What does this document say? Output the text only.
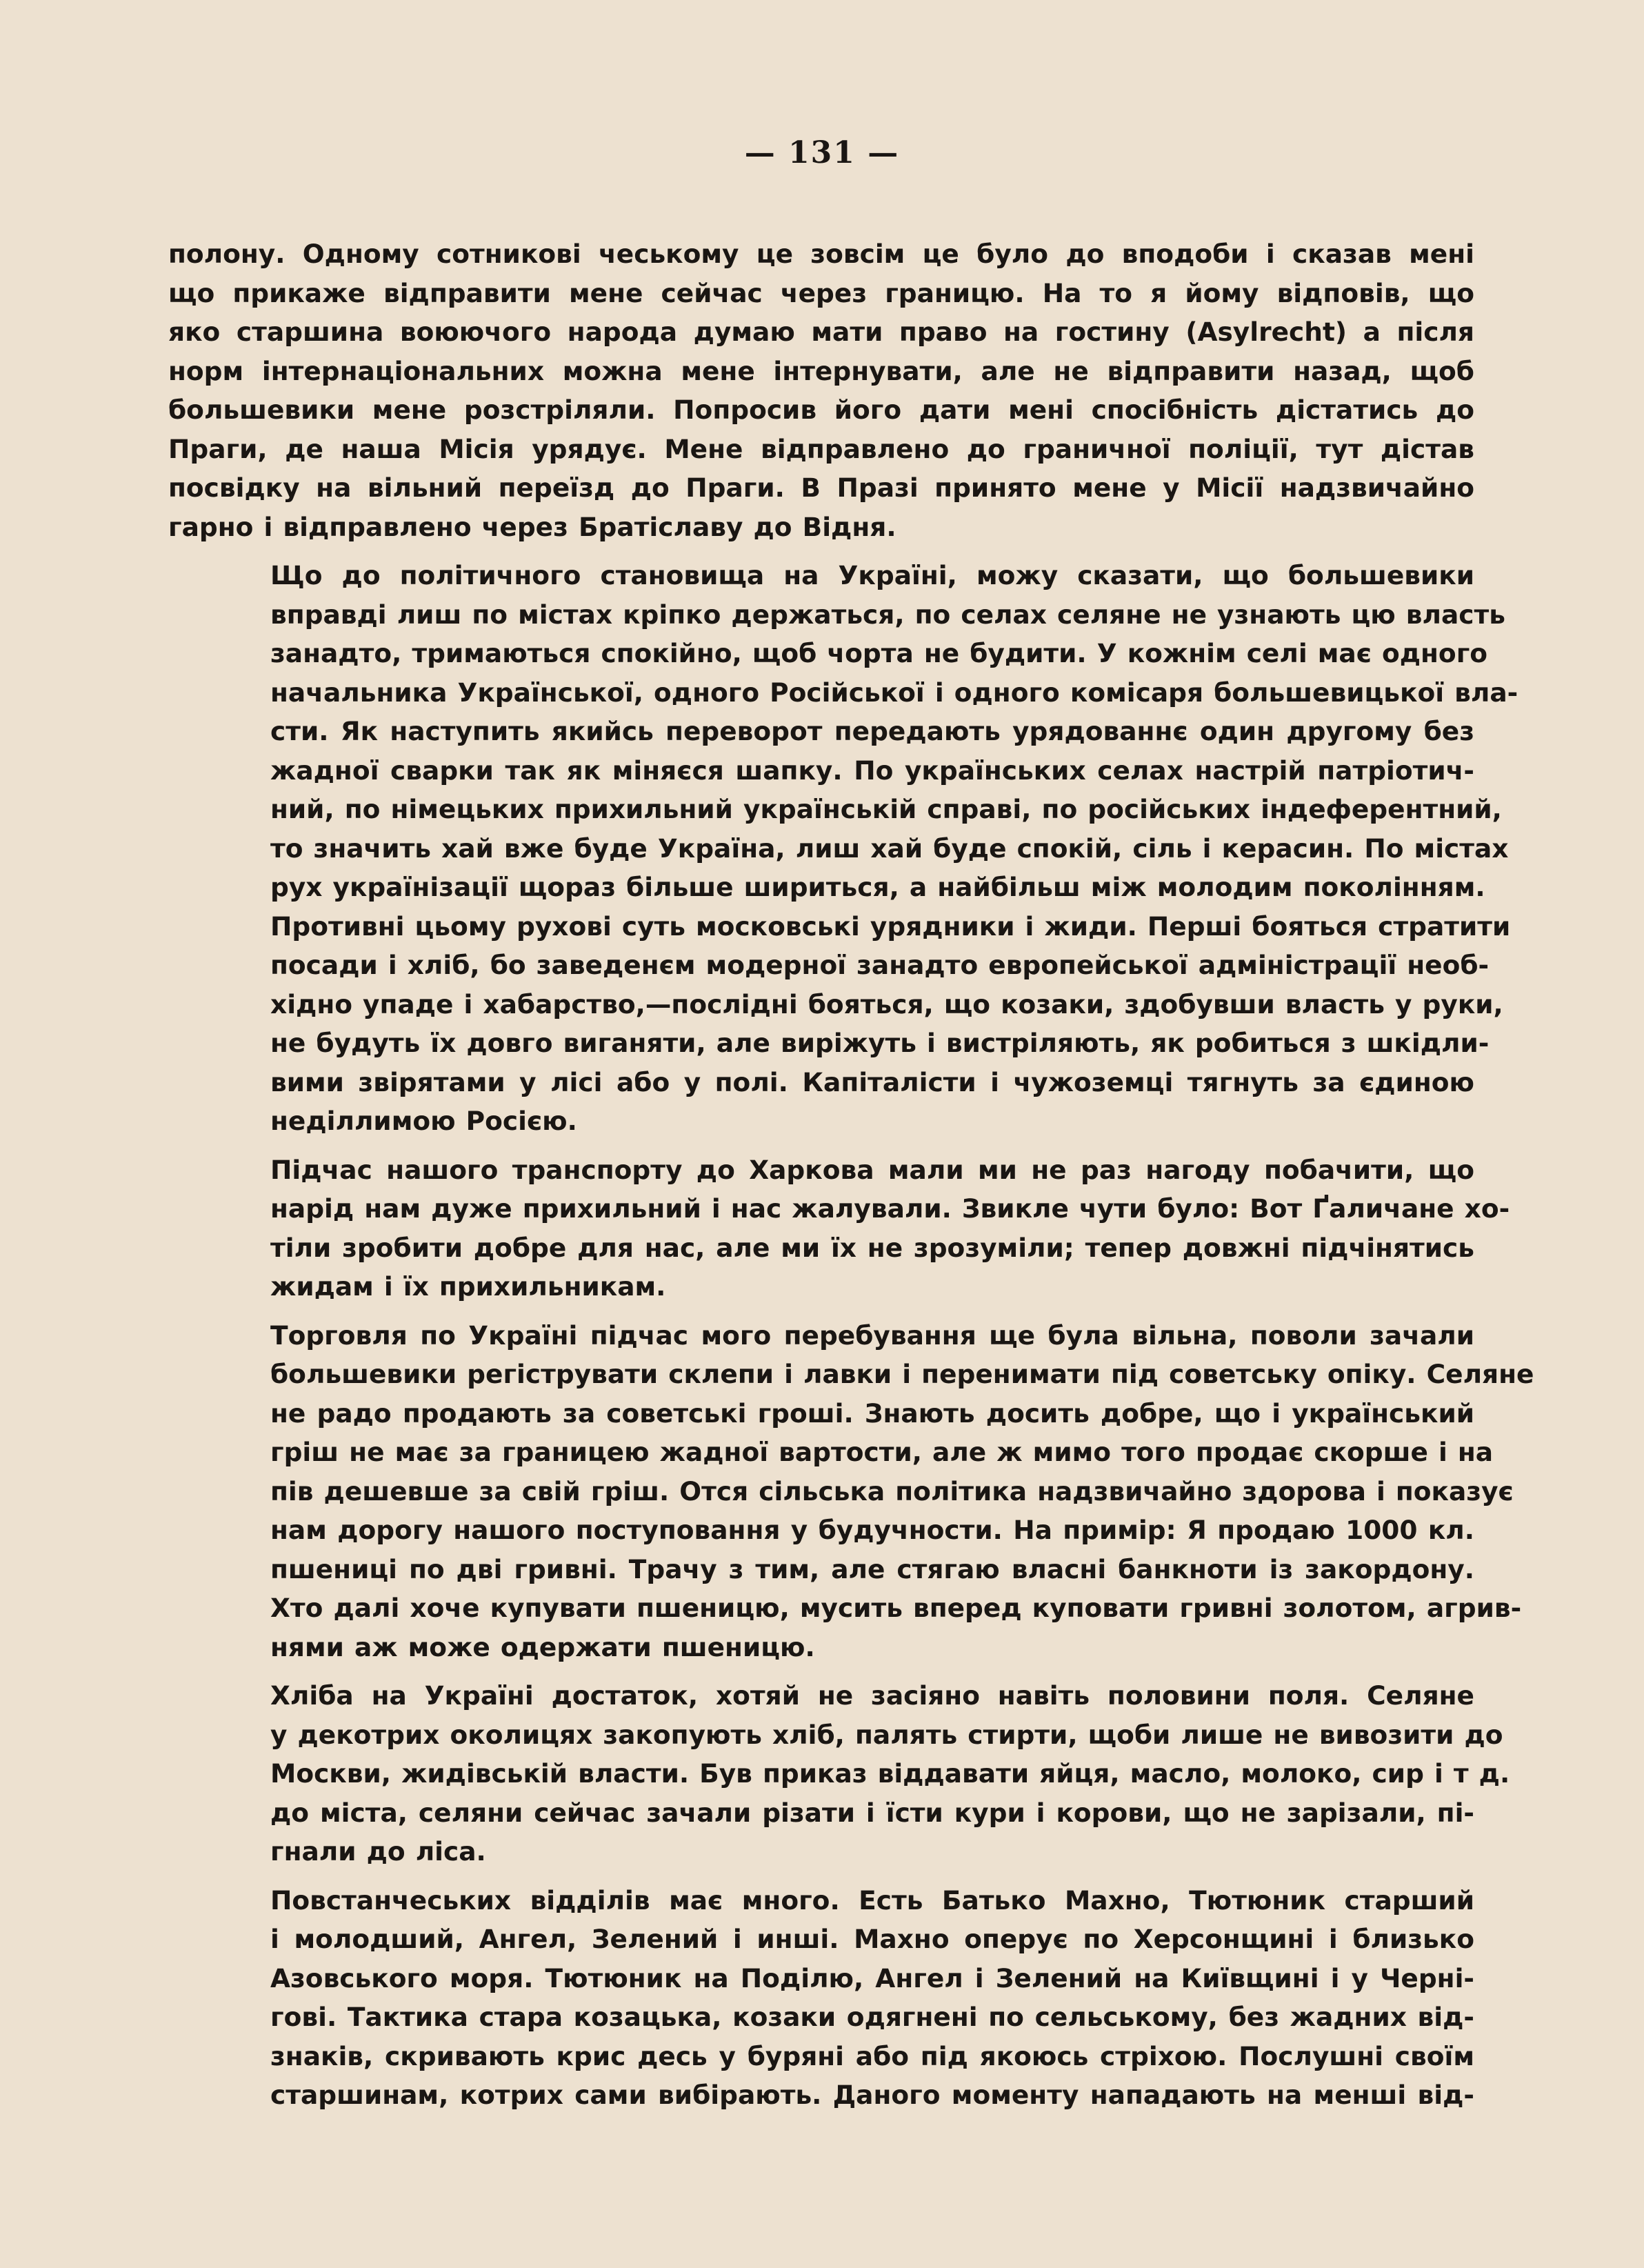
— 131 —
полону. Одному сотникові чеському це зовсім це було до вподоби і сказав мені
що прикаже відправити мене сейчас через границю. На то я йому відповів, що
яко старшина воюючого народа думаю мати право на гостину (Asylrecht) а після
норм інтернаціональних можна мене інтернувати, але не відправити назад, щоб
большевики мене розстріляли. Попросив його дати мені спосібність дістатись до
Праги, де наша Місія урядує. Мене відправлено до граничної поліції, тут дістав
посвідку на вільний переїзд до Праги. В Празі принято мене у Місії надзвичайно
гарно і відправлено через Братіславу до Відня.
Що до політичного становища на Україні, можу сказати, що большевики
вправді лиш по містах кріпко держаться, по селах селяне не узнають цю власть
занадто, тримаються спокійно, щоб чорта не будити. У кожнім селі має одного
начальника Української, одного Російської і одного комісаря большевицької вла-
сти. Як наступить якийсь переворот передають урядованнє один другому без
жадної сварки так як міняєся шапку. По українських селах настрій патріотич-
ний, по німецьких прихильний українській справі, по російських індеферентний,
то значить хай вже буде Україна, лиш хай буде спокій, сіль і керасин. По містах
рух українізації щораз більше шириться, а найбільш між молодим поколінням.
Противні цьому рухові суть московські урядники і жиди. Перші бояться стратити
посади і хліб, бо заведенєм модерної занадто европейської адміністрації необ-
хідно упаде і хабарство,—послідні бояться, що козаки, здобувши власть у руки,
не будуть їх довго виганяти, але виріжуть і вистріляють, як робиться з шкідли-
вими звірятами у лісі або у полі. Капіталісти і чужоземці тягнуть за єдиною
неділлимою Росією.
Підчас нашого транспорту до Харкова мали ми не раз нагоду побачити, що
нарід нам дуже прихильний і нас жалували. Звикле чути було: Вот Ґаличане хо-
тіли зробити добре для нас, але ми їх не зрозуміли; тепер довжні підчінятись
жидам і їх прихильникам.
Торговля по Україні підчас мого перебування ще була вільна, поволи зачали
большевики регіструвати склепи і лавки і перенимати під советську опіку. Селяне
не радо продають за советські гроші. Знають досить добре, що і український
гріш не має за границею жадної вартости, але ж мимо того продає скорше і на
пів дешевше за свій гріш. Отся сільська політика надзвичайно здорова і показує
нам дорогу нашого поступовання у будучности. На примір: Я продаю 1000 кл.
пшениці по дві гривні. Трачу з тим, але стягаю власні банкноти із закордону.
Хто далі хоче купувати пшеницю, мусить вперед куповати гривні золотом, агрив-
нями аж може одержати пшеницю.
Хліба на Україні достаток, хотяй не засіяно навіть половини поля. Селяне
у декотрих околицях закопують хліб, палять стирти, щоби лише не вивозити до
Москви, жидівській власти. Був приказ віддавати яйця, масло, молоко, сир і т д.
до міста, селяни сейчас зачали різати і їсти кури і корови, що не зарізали, пі-
гнали до ліса.
Повстанчеських відділів має много. Есть Батько Махно, Тютюник старший
і молодший, Ангел, Зелений і инші. Махно оперує по Херсонщині і близько
Азовського моря. Тютюник на Поділю, Ангел і Зелений на Київщині і у Черні-
гові. Тактика стара козацька, козаки одягнені по сельському, без жадних від-
знаків, скривають крис десь у буряні або під якоюсь стріхою. Послушні своїм
старшинам, котрих сами вибірають. Даного моменту нападають на менші від-
